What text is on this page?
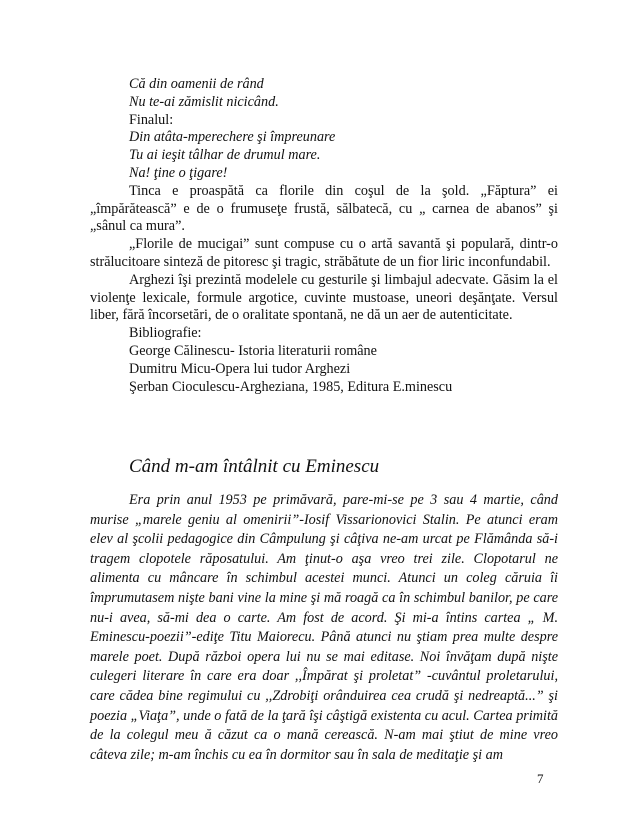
Că din oamenii de rând

Nu te-ai zămislit nicicând.

Finalul:

Din atâta-mperechere şi împreunare

Tu ai ieşit tâlhar de drumul mare.

Na! ţine o ţigare!

Tinca e proaspătă ca florile din coşul de la şold. „Făptura” ei „împărătească” e de o frumuseţe frustă, sălbatecă, cu „ carnea de abanos” şi „sânul ca mura”.

„Florile de mucigai” sunt compuse cu o artă savantă şi populară, dintr-o strălucitoare sinteză de pitoresc şi tragic, străbătute de un fior liric inconfundabil.

Arghezi îşi prezintă modelele cu gesturile şi limbajul adecvate. Găsim la el violenţe lexicale, formule argotice, cuvinte mustoase, uneori deşănţate. Versul liber, fără încorsetări, de o oralitate spontană, ne dă un aer de autenticitate.

Bibliografie:

George Călinescu- Istoria literaturii române

Dumitru Micu-Opera lui tudor Arghezi

Şerban Cioculescu-Argheziana, 1985, Editura E.minescu

Când m-am întâlnit cu Eminescu

Era prin anul 1953 pe primăvară, pare-mi-se pe 3 sau 4 martie, când murise „marele geniu al omenirii”-Iosif Vissarionovici Stalin. Pe atunci eram elev al şcolii pedagogice din Câmpulung şi câţiva ne-am urcat pe Flămânda să-i tragem clopotele răposatului. Am ţinut-o aşa vreo trei zile. Clopotarul ne alimenta cu mâncare în schimbul acestei munci. Atunci un coleg căruia îi împrumutasem nişte bani vine la mine şi mă roagă ca în schimbul banilor, pe care nu-i avea, să-mi dea o carte. Am fost de acord. Şi mi-a întins cartea „ M. Eminescu-poezii”-ediţe Titu Maiorecu. Până atunci nu ştiam prea multe despre marele poet. După război opera lui nu se mai editase. Noi învăţam după nişte culegeri literare în care era doar ,,Împărat şi proletat” -cuvântul proletarului, care cădea bine regimului cu ,,Zdrobiţi orânduirea cea crudă şi nedreaptă...” şi poezia „Viaţa”, unde o fată de la ţară îşi câştigă existenta cu acul. Cartea primită de la colegul meu ă căzut ca o mană cerească. N-am mai ştiut de mine vreo câteva zile; m-am închis cu ea în dormitor sau în sala de meditaţie şi am

7
